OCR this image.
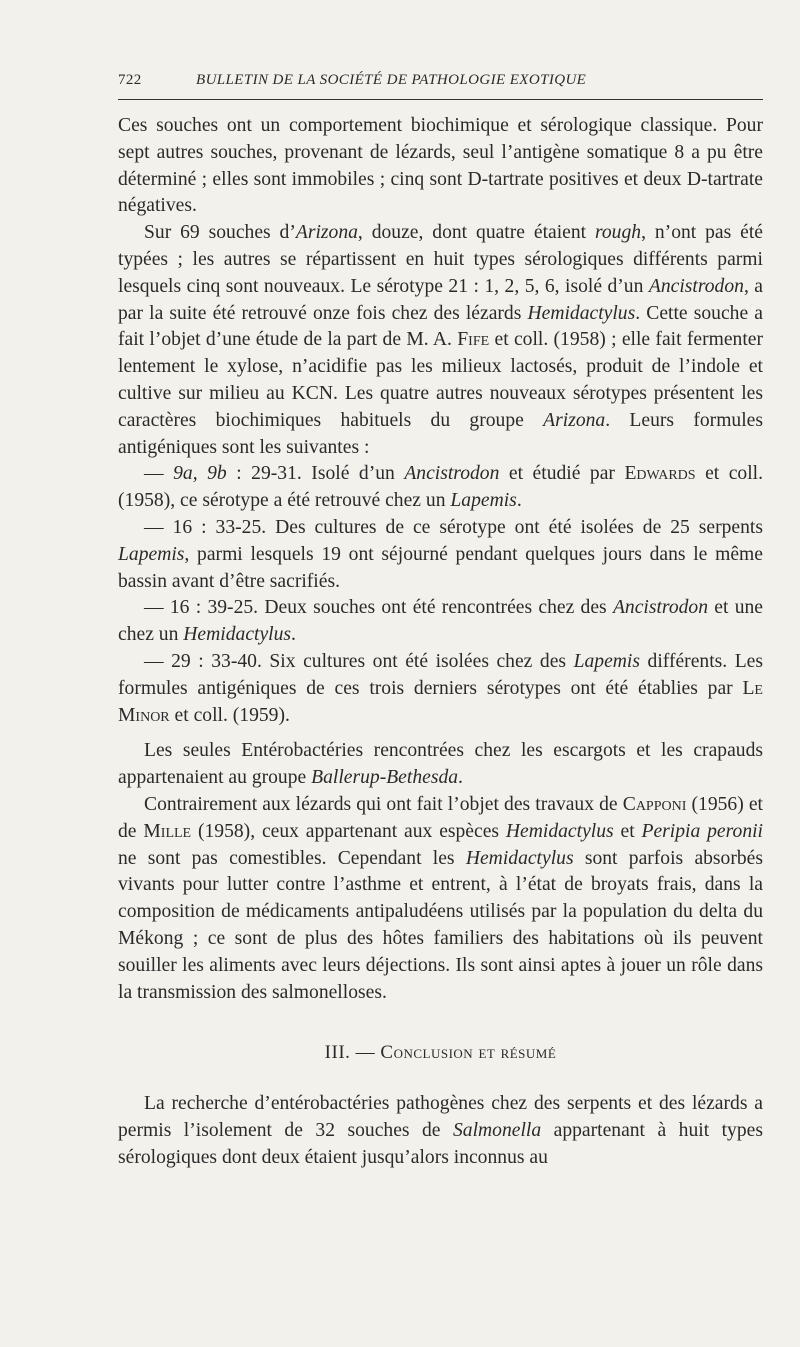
722	BULLETIN DE LA SOCIÉTÉ DE PATHOLOGIE EXOTIQUE

Ces souches ont un comportement biochimique et sérologique classique. Pour sept autres souches, provenant de lézards, seul l’antigène somatique 8 a pu être déterminé ; elles sont immobiles ; cinq sont D-tartrate positives et deux D-tartrate négatives.

Sur 69 souches d’Arizona, douze, dont quatre étaient rough, n’ont pas été typées ; les autres se répartissent en huit types sérologiques différents parmi lesquels cinq sont nouveaux. Le sérotype 21 : 1, 2, 5, 6, isolé d’un Ancistrodon, a par la suite été retrouvé onze fois chez des lézards Hemidactylus. Cette souche a fait l’objet d’une étude de la part de M. A. Fife et coll. (1958) ; elle fait fermenter lentement le xylose, n’acidifie pas les milieux lactosés, produit de l’indole et cultive sur milieu au KCN. Les quatre autres nouveaux sérotypes présentent les caractères biochimiques habituels du groupe Arizona. Leurs formules antigéniques sont les suivantes :

— 9a, 9b : 29-31. Isolé d’un Ancistrodon et étudié par Edwards et coll. (1958), ce sérotype a été retrouvé chez un Lapemis.

— 16 : 33-25. Des cultures de ce sérotype ont été isolées de 25 serpents Lapemis, parmi lesquels 19 ont séjourné pendant quelques jours dans le même bassin avant d’être sacrifiés.

— 16 : 39-25. Deux souches ont été rencontrées chez des Ancistrodon et une chez un Hemidactylus.

— 29 : 33-40. Six cultures ont été isolées chez des Lapemis différents. Les formules antigéniques de ces trois derniers sérotypes ont été établies par Le Minor et coll. (1959).

Les seules Entérobactéries rencontrées chez les escargots et les crapauds appartenaient au groupe Ballerup-Bethesda.

Contrairement aux lézards qui ont fait l’objet des travaux de Capponi (1956) et de Mille (1958), ceux appartenant aux espèces Hemidactylus et Peripia peronii ne sont pas comestibles. Cependant les Hemidactylus sont parfois absorbés vivants pour lutter contre l’asthme et entrent, à l’état de broyats frais, dans la composition de médicaments antipaludéens utilisés par la population du delta du Mékong ; ce sont de plus des hôtes familiers des habitations où ils peuvent souiller les aliments avec leurs déjections. Ils sont ainsi aptes à jouer un rôle dans la transmission des salmonelloses.

III. — Conclusion et résumé

La recherche d’entérobactéries pathogènes chez des serpents et des lézards a permis l’isolement de 32 souches de Salmonella appartenant à huit types sérologiques dont deux étaient jusqu’alors inconnus au
